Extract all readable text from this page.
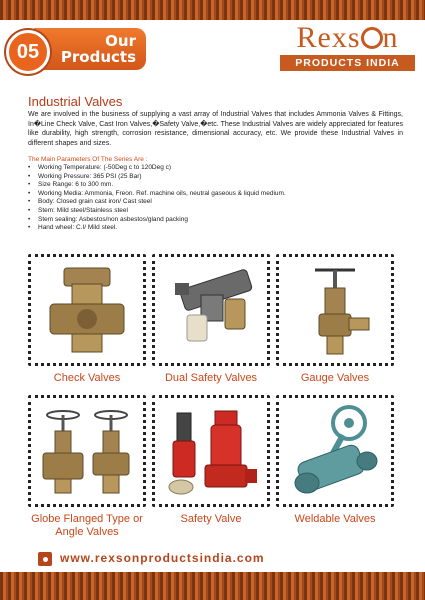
05	Our
Products
Rexs n
PRODUCTS INDIA
Industrial Valves

We are involved in the business of supplying a vast array of Industrial Valves that includes Ammonia Valves & Fittings, In�Line Check Valve, Cast Iron Valves,�Safety Valve,�etc. These Industrial Valves are widely appreciated for features like durability, high strength, corrosion resistance, dimensional accuracy, etc. We provide these Industrial Valves in different shapes and sizes.

The Main Parameters Of The Series Are :
• Working Temperature: (-50Deg c to 120Deg c)
• Working Pressure: 365 PSI (25 Bar)
• Size Range: 6 to 300 mm.
• Working Media: Ammonia, Freon. Ref. machine oils, neutral gaseous & liquid medium.
• Body: Closed grain cast iron/ Cast steel
• Stem: Mild steel/Stainless steel
• Stem sealing: Asbestos/non asbestos/gland packing
• Hand wheel: C.I/ Mild steel.
Check Valves	Dual Safety Valves	Gauge Valves
Globe Flanged Type or Angle Valves
Safety Valve	Weldable Valves
www.rexsonproductsindia.com
